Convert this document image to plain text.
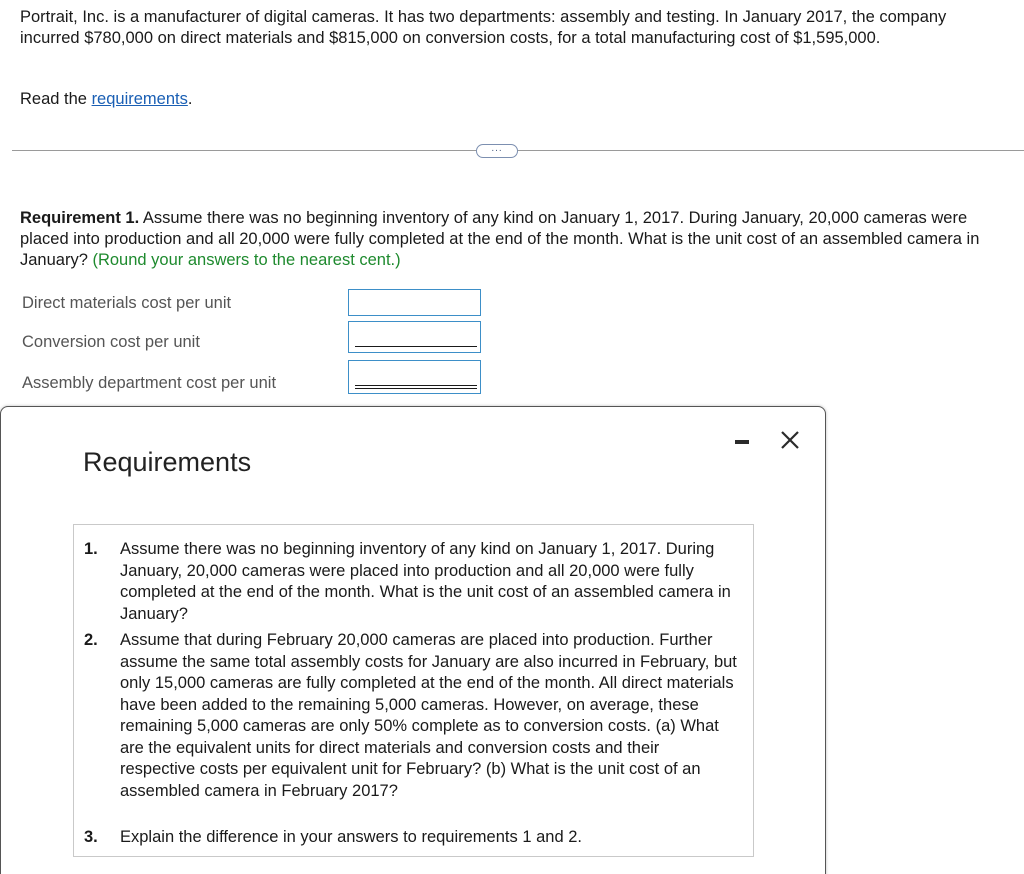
Portrait, Inc. is a manufacturer of digital cameras. It has two departments: assembly and testing. In January 2017, the company incurred $780,000 on direct materials and $815,000 on conversion costs, for a total manufacturing cost of $1,595,000.
Read the requirements.
...
Requirement 1. Assume there was no beginning inventory of any kind on January 1, 2017. During January, 20,000 cameras were placed into production and all 20,000 were fully completed at the end of the month. What is the unit cost of an assembled camera in January? (Round your answers to the nearest cent.)
Direct materials cost per unit
Conversion cost per unit
Assembly department cost per unit
Requirements
1. Assume there was no beginning inventory of any kind on January 1, 2017. During January, 20,000 cameras were placed into production and all 20,000 were fully completed at the end of the month. What is the unit cost of an assembled camera in January?
2. Assume that during February 20,000 cameras are placed into production. Further assume the same total assembly costs for January are also incurred in February, but only 15,000 cameras are fully completed at the end of the month. All direct materials have been added to the remaining 5,000 cameras. However, on average, these remaining 5,000 cameras are only 50% complete as to conversion costs. (a) What are the equivalent units for direct materials and conversion costs and their respective costs per equivalent unit for February? (b) What is the unit cost of an assembled camera in February 2017?
3. Explain the difference in your answers to requirements 1 and 2.
